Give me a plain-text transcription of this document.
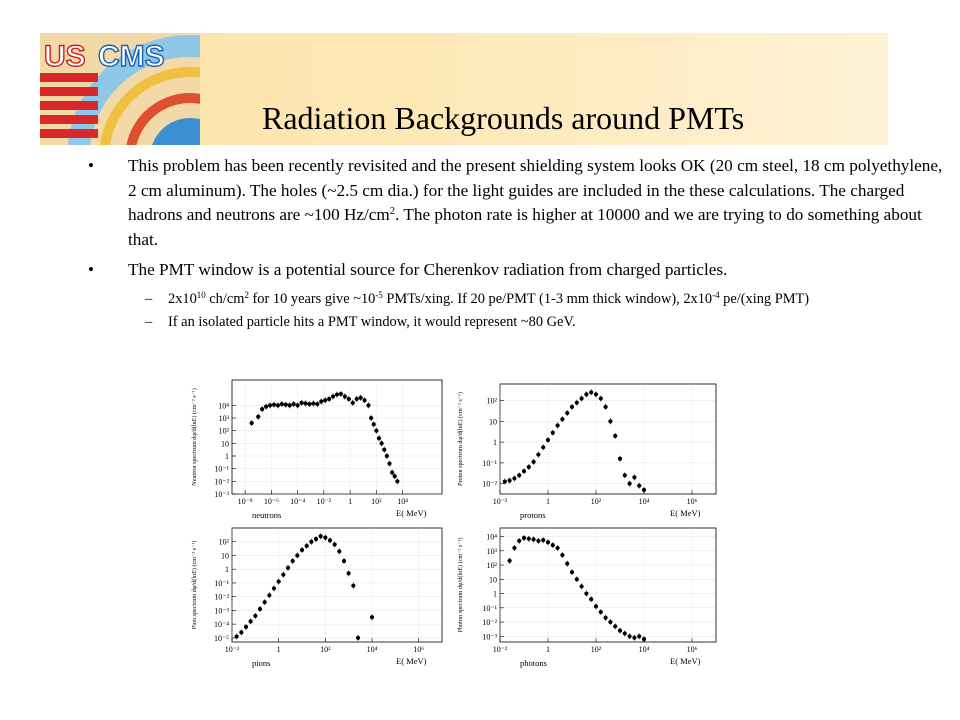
US CMS
Radiation Backgrounds around PMTs
• This problem has been recently revisited and the present shielding system looks OK (20 cm steel, 18 cm polyethylene, 2 cm aluminum). The holes (~2.5 cm dia.) for the light guides are included in the these calculations. The charged hadrons and neutrons are ~100 $Hz/cm^2$. The photon rate is higher at 10000 and we are trying to do something about that.
• The PMT window is a potential source for Cherenkov radiation from charged particles.
– $2x10^{10}$ $ch/cm^2$ for 10 years give $\sim 10^{-5}$ PMTs/xing. If 20 pe/PMT (1-3 mm thick window), $2x10^{-4}$ pe/(xing PMT)
– If an isolated particle hits a PMT window, it would represent ~80 GeV.
10⁻⁸ 10⁻⁶ 10⁻⁴ 10⁻² 1 10² 10⁴
10⁻³
10⁻²
10⁻¹
1
10
10²
10³
10⁴
neutrons	E( MeV)
Neutron spectrum dφ/d(lnE) (cm⁻² s⁻¹)
10⁻²	1	10²	10⁴	10⁶
10⁻²
10⁻¹
1
10
10²
protons	E( MeV)
Proton spectrum dφ/d(lnE) (cm⁻² s⁻¹)
10⁻²	1	10²	10⁴	10⁶
10⁻⁵
10⁻⁴
10⁻³
10⁻²
10⁻¹
1
10
10²
pions	E( MeV)
Pion spectrum dφ/d(lnE) (cm⁻² s⁻¹)
10⁻²	1	10²	10⁴	10⁶
10⁻³
10⁻²
10⁻¹
1
10
10²
10³
10⁴
photons	E( MeV)
Photon spectrum dφ/d(lnE) (cm⁻² s⁻¹)
